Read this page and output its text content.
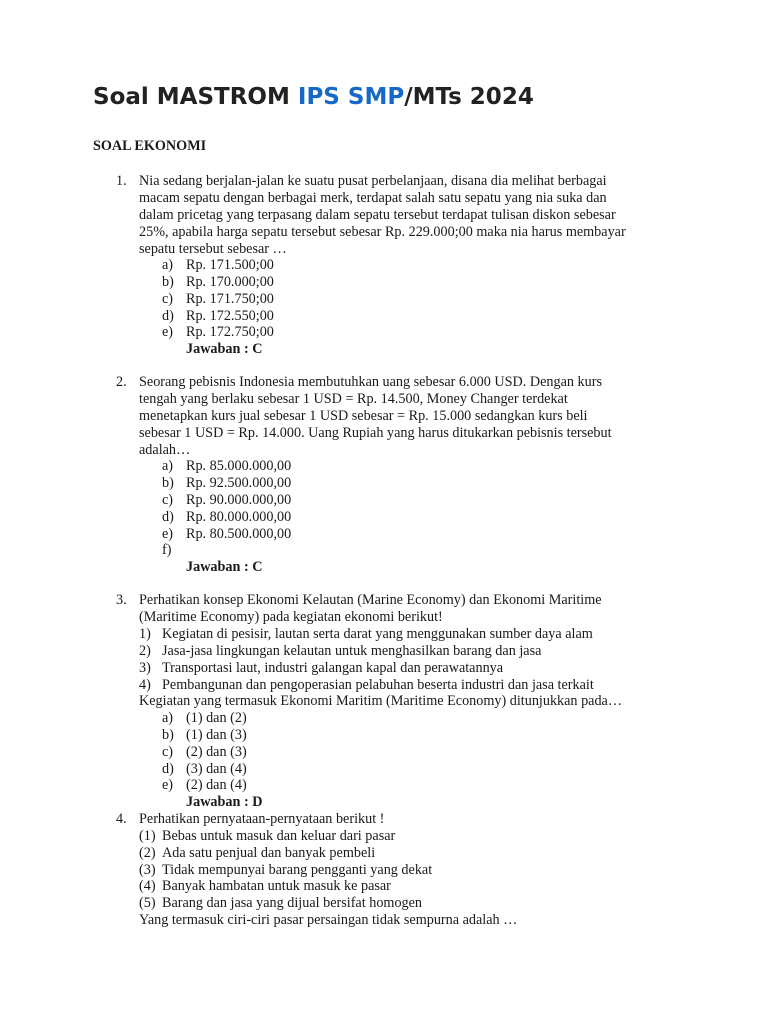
Soal MASTROM IPS SMP/MTs 2024
SOAL EKONOMI
1. Nia sedang berjalan-jalan ke suatu pusat perbelanjaan, disana dia melihat berbagai
macam sepatu dengan berbagai merk, terdapat salah satu sepatu yang nia suka dan
dalam pricetag yang terpasang dalam sepatu tersebut terdapat tulisan diskon sebesar
25%, apabila harga sepatu tersebut sebesar Rp. 229.000;00 maka nia harus membayar
sepatu tersebut sebesar …
a) Rp. 171.500;00
b) Rp. 170.000;00
c) Rp. 171.750;00
d) Rp. 172.550;00
e) Rp. 172.750;00
Jawaban : C
2. Seorang pebisnis Indonesia membutuhkan uang sebesar 6.000 USD. Dengan kurs
tengah yang berlaku sebesar 1 USD = Rp. 14.500, Money Changer terdekat
menetapkan kurs jual sebesar 1 USD sebesar = Rp. 15.000 sedangkan kurs beli
sebesar 1 USD = Rp. 14.000. Uang Rupiah yang harus ditukarkan pebisnis tersebut
adalah…
a) Rp. 85.000.000,00
b) Rp. 92.500.000,00
c) Rp. 90.000.000,00
d) Rp. 80.000.000,00
e) Rp. 80.500.000,00
f)
Jawaban : C
3. Perhatikan konsep Ekonomi Kelautan (Marine Economy) dan Ekonomi Maritime
(Maritime Economy) pada kegiatan ekonomi berikut!
1) Kegiatan di pesisir, lautan serta darat yang menggunakan sumber daya alam
2) Jasa-jasa lingkungan kelautan untuk menghasilkan barang dan jasa
3) Transportasi laut, industri galangan kapal dan perawatannya
4) Pembangunan dan pengoperasian pelabuhan beserta industri dan jasa terkait
Kegiatan yang termasuk Ekonomi Maritim (Maritime Economy) ditunjukkan pada…
a) (1) dan (2)
b) (1) dan (3)
c) (2) dan (3)
d) (3) dan (4)
e) (2) dan (4)
Jawaban : D
4. Perhatikan pernyataan-pernyataan berikut !
(1) Bebas untuk masuk dan keluar dari pasar
(2) Ada satu penjual dan banyak pembeli
(3) Tidak mempunyai barang pengganti yang dekat
(4) Banyak hambatan untuk masuk ke pasar
(5) Barang dan jasa yang dijual bersifat homogen
Yang termasuk ciri-ciri pasar persaingan tidak sempurna adalah …
